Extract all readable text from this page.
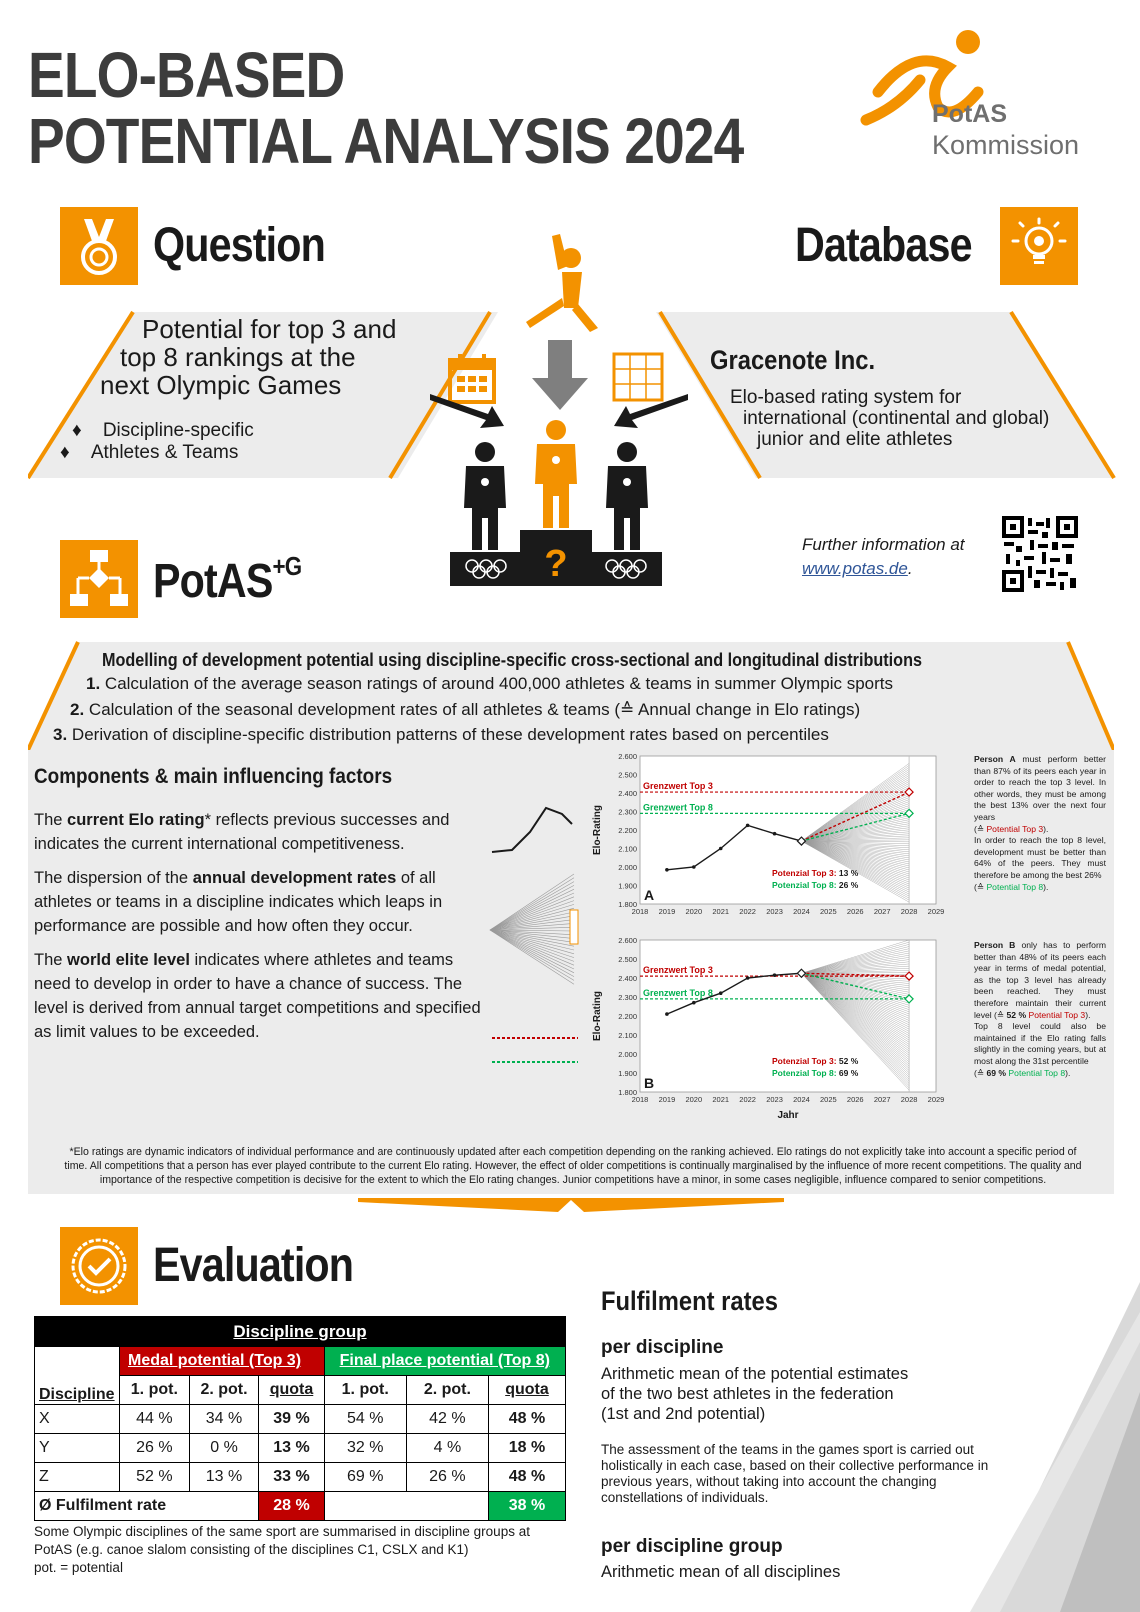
ELO-BASED
POTENTIAL ANALYSIS 2024	PotAS
Kommission
Question
Potential for top 3 and
top 8 rankings at the
next Olympic Games
♦    Discipline-specific
♦    Athletes & Teams
Database
Gracenote Inc.
Elo-based rating system for
international (continental and global)
junior and elite athletes
?	Further information at
www.potas.de.
PotAS$^{+G}$
Modelling of development potential using discipline-specific cross-sectional and longitudinal distributions
1. Calculation of the average season ratings of around 400,000 athletes & teams in summer Olympic sports
2. Calculation of the seasonal development rates of all athletes & teams (≙ Annual change in Elo ratings)
3. Derivation of discipline-specific distribution patterns of these development rates based on percentiles
Components & main influencing factors

The current Elo rating* reflects previous successes and indicates the current international competitiveness.

The dispersion of the annual development rates of all athletes or teams in a discipline indicates which leaps in performance are possible and how often they occur.

The world elite level indicates where athletes and teams need to develop in order to have a chance of success. The level is derived from annual target competitions and specified as limit values to be exceeded.

1.800
1.900
2.000
2.100
2.200
2.300
2.400
2.500
2.600
2018 2019 2020 2021 2022 2023 2024 2025 2026 2027 2028 2029
Grenzwert Top 3
Grenzwert Top 8
Potenzial Top 3: 13 %
Potenzial Top 8: 26 %
A
Elo-Rating
1.800
1.900
2.000
2.100
2.200
2.300
2.400
2.500
2.600
2018 2019 2020 2021 2022 2023 2024 2025 2026 2027 2028 2029
Grenzwert Top 3
Grenzwert Top 8
Potenzial Top 3: 52 %
Potenzial Top 8: 69 %
B
Elo-Rating
Jahr
Person A must perform better than 87% of its peers each year in order to reach the top 3 level. In other words, they must be among the best 13% over the next four years
(≙ Potential Top 3).
In order to reach the top 8 level, development must be better than 64% of the peers. They must therefore be among the best 26%
(≙ Potential Top 8).
Person B only has to perform better than 48% of its peers each year in terms of medal potential, as the top 3 level has already been reached. They must therefore maintain their current level (≙ 52 % Potential Top 3).
Top 8 level could also be maintained if the Elo rating falls slightly in the coming years, but at most along the 31st percentile
(≙ 69 % Potential Top 8).
*Elo ratings are dynamic indicators of individual performance and are continuously updated after each competition depending on the ranking achieved. Elo ratings do not explicitly take into account a specific period of time. All competitions that a person has ever played contribute to the current Elo rating. However, the effect of older competitions is continually marginalised by the influence of more recent competitions. The quality and importance of the respective competition is decisive for the extent to which the Elo rating changes. Junior competitions have a minor, in some cases negligible, influence compared to senior competitions.
Evaluation
Discipline group						
Discipline	Medal potential (Top 3)			Final place potential (Top 8)		
	1. pot.	2. pot.	quota	1. pot.	2. pot.	quota
X	44 %	34 %	39 %	54 %	42 %	48 %
Y	26 %	0 %	13 %	32 %	4 %	18 %
Z	52 %	13 %	33 %	69 %	26 %	48 %
Ø Fulfilment rate			28 %			38 %
Some Olympic disciplines of the same sport are summarised in discipline groups at PotAS (e.g. canoe slalom consisting of the disciplines C1, CSLX and K1)
pot. = potential
Fulfilment rates
per discipline
Arithmetic mean of the potential estimates
of the two best athletes in the federation
(1st and 2nd potential)
The assessment of the teams in the games sport is carried out holistically in each case, based on their collective performance in previous years, without taking into account the changing constellations of individuals.
per discipline group
Arithmetic mean of all disciplines
